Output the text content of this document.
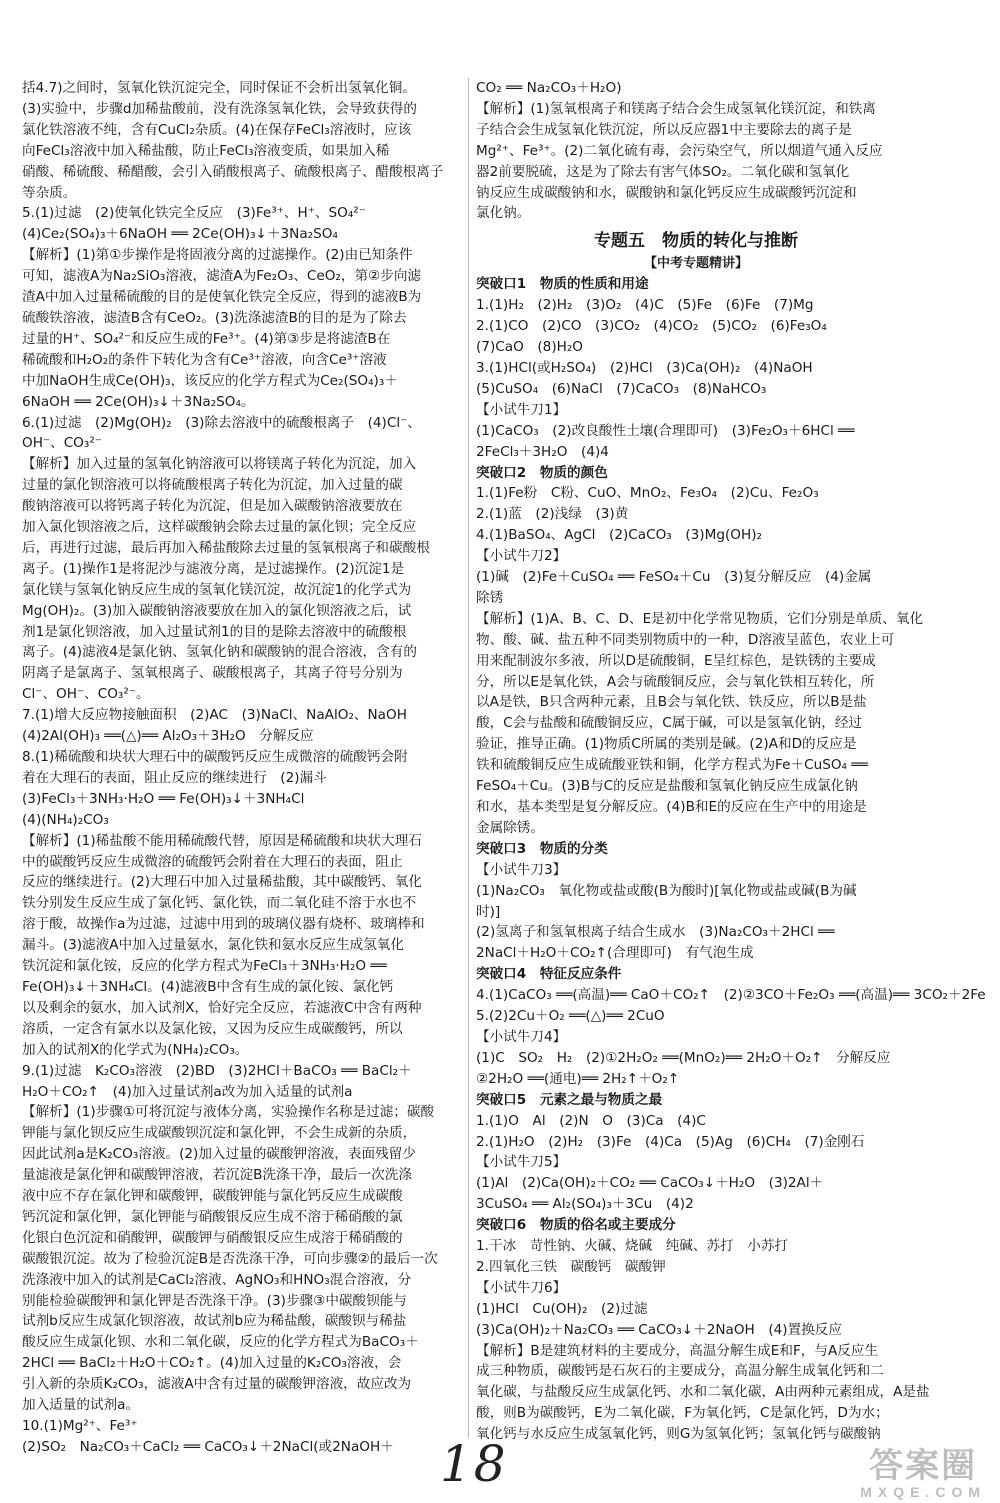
括4.7)之间时，氢氧化铁沉淀完全，同时保证不会析出氢氧化铜。
(3)实验中，步骤d加稀盐酸前，没有洗涤氢氧化铁，会导致获得的
氯化铁溶液不纯，含有CuCl₂杂质。(4)在保存FeCl₃溶液时，应该
向FeCl₃溶液中加入稀盐酸，防止FeCl₃溶液变质，如果加入稀
硝酸、稀硫酸、稀醋酸，会引入硝酸根离子、硫酸根离子、醋酸根离子
等杂质。
5.(1)过滤　(2)使氧化铁完全反应　(3)Fe³⁺、H⁺、SO₄²⁻
(4)Ce₂(SO₄)₃＋6NaOH ══ 2Ce(OH)₃↓＋3Na₂SO₄
【解析】(1)第①步操作是将固液分离的过滤操作。(2)由已知条件
可知，滤液A为Na₂SiO₃溶液，滤渣A为Fe₂O₃、CeO₂，第②步向滤
渣A中加入过量稀硫酸的目的是使氧化铁完全反应，得到的滤液B为
硫酸铁溶液，滤渣B含有CeO₂。(3)洗涤滤渣B的目的是为了除去
过量的H⁺、SO₄²⁻和反应生成的Fe³⁺。(4)第③步是将滤渣B在
稀硫酸和H₂O₂的条件下转化为含有Ce³⁺溶液，向含Ce³⁺溶液
中加NaOH生成Ce(OH)₃，该反应的化学方程式为Ce₂(SO₄)₃＋
6NaOH ══ 2Ce(OH)₃↓＋3Na₂SO₄。
6.(1)过滤　(2)Mg(OH)₂　(3)除去溶液中的硫酸根离子　(4)Cl⁻、
OH⁻、CO₃²⁻
【解析】加入过量的氢氧化钠溶液可以将镁离子转化为沉淀，加入
过量的氯化钡溶液可以将硫酸根离子转化为沉淀，加入过量的碳
酸钠溶液可以将钙离子转化为沉淀，但是加入碳酸钠溶液要放在
加入氯化钡溶液之后，这样碳酸钠会除去过量的氯化钡；完全反应
后，再进行过滤，最后再加入稀盐酸除去过量的氢氧根离子和碳酸根
离子。(1)操作1是将泥沙与滤液分离，是过滤操作。(2)沉淀1是
氯化镁与氢氧化钠反应生成的氢氧化镁沉淀，故沉淀1的化学式为
Mg(OH)₂。(3)加入碳酸钠溶液要放在加入的氯化钡溶液之后，试
剂1是氯化钡溶液，加入过量试剂1的目的是除去溶液中的硫酸根
离子。(4)滤液4是氯化钠、氢氧化钠和碳酸钠的混合溶液，含有的
阴离子是氯离子、氢氧根离子、碳酸根离子，其离子符号分别为
Cl⁻、OH⁻、CO₃²⁻。
7.(1)增大反应物接触面积　(2)AC　(3)NaCl、NaAlO₂、NaOH
(4)2Al(OH)₃ ══(△)══ Al₂O₃＋3H₂O　分解反应
8.(1)稀硫酸和块状大理石中的碳酸钙反应生成微溶的硫酸钙会附
着在大理石的表面，阻止反应的继续进行　(2)漏斗
(3)FeCl₃＋3NH₃·H₂O ══ Fe(OH)₃↓＋3NH₄Cl
(4)(NH₄)₂CO₃
【解析】(1)稀盐酸不能用稀硫酸代替，原因是稀硫酸和块状大理石
中的碳酸钙反应生成微溶的硫酸钙会附着在大理石的表面，阻止
反应的继续进行。(2)大理石中加入过量稀盐酸，其中碳酸钙、氧化
铁分别发生反应生成了氯化钙、氯化铁，而二氧化硅不溶于水也不
溶于酸，故操作a为过滤，过滤中用到的玻璃仪器有烧杯、玻璃棒和
漏斗。(3)滤液A中加入过量氨水，氯化铁和氨水反应生成氢氧化
铁沉淀和氯化铵，反应的化学方程式为FeCl₃＋3NH₃·H₂O ══
Fe(OH)₃↓＋3NH₄Cl。(4)滤液B中含有生成的氯化铵、氯化钙
以及剩余的氨水，加入试剂X，恰好完全反应，若滤液C中含有两种
溶质，一定含有氯水以及氯化铵，又因为反应生成碳酸钙，所以
加入的试剂X的化学式为(NH₄)₂CO₃。
9.(1)过滤　K₂CO₃溶液　(2)BD　(3)2HCl＋BaCO₃ ══ BaCl₂＋
H₂O＋CO₂↑　(4)加入过量试剂a改为加入适量的试剂a
【解析】(1)步骤①可将沉淀与液体分离，实验操作名称是过滤；碳酸
钾能与氯化钡反应生成碳酸钡沉淀和氯化钾，不会生成新的杂质，
因此试剂a是K₂CO₃溶液。(2)加入过量的碳酸钾溶液，表面残留少
量滤液是氯化钾和碳酸钾溶液，若沉淀B洗涤干净，最后一次洗涤
液中应不存在氯化钾和碳酸钾，碳酸钾能与氯化钙反应生成碳酸
钙沉淀和氯化钾，氯化钾能与硝酸银反应生成不溶于稀硝酸的氯
化银白色沉淀和硝酸钾，碳酸钾与硝酸银反应生成溶于稀硝酸的
碳酸银沉淀。故为了检验沉淀B是否洗涤干净，可向步骤②的最后一次
洗涤液中加入的试剂是CaCl₂溶液、AgNO₃和HNO₃混合溶液，分
别能检验碳酸钾和氯化钾是否洗涤干净。(3)步骤③中碳酸钡能与
试剂b反应生成氯化钡溶液，故试剂b应为稀盐酸，碳酸钡与稀盐
酸反应生成氯化钡、水和二氧化碳，反应的化学方程式为BaCO₃＋
2HCl ══ BaCl₂＋H₂O＋CO₂↑。(4)加入过量的K₂CO₃溶液，会
引入新的杂质K₂CO₃，滤液A中含有过量的碳酸钾溶液，故应改为
加入适量的试剂a。
10.(1)Mg²⁺、Fe³⁺
(2)SO₂　Na₂CO₃＋CaCl₂ ══ CaCO₃↓＋2NaCl(或2NaOH＋
CO₂ ══ Na₂CO₃＋H₂O)
【解析】(1)氢氧根离子和镁离子结合会生成氢氧化镁沉淀，和铁离
子结合会生成氢氧化铁沉淀，所以反应器1中主要除去的离子是
Mg²⁺、Fe³⁺。(2)二氧化硫有毒，会污染空气，所以烟道气通入反应
器2前要脱硫，这是为了除去有害气体SO₂。二氧化碳和氢氧化
钠反应生成碳酸钠和水，碳酸钠和氯化钙反应生成碳酸钙沉淀和
氯化钠。
专题五　物质的转化与推断
【中考专题精讲】
突破口1　物质的性质和用途
1.(1)H₂　(2)H₂　(3)O₂　(4)C　(5)Fe　(6)Fe　(7)Mg
2.(1)CO　(2)CO　(3)CO₂　(4)CO₂　(5)CO₂　(6)Fe₃O₄
(7)CaO　(8)H₂O
3.(1)HCl(或H₂SO₄)　(2)HCl　(3)Ca(OH)₂　(4)NaOH
(5)CuSO₄　(6)NaCl　(7)CaCO₃　(8)NaHCO₃
【小试牛刀1】
(1)CaCO₃　(2)改良酸性土壤(合理即可)　(3)Fe₂O₃＋6HCl ══
2FeCl₃＋3H₂O　(4)4
突破口2　物质的颜色
1.(1)Fe粉　C粉、CuO、MnO₂、Fe₃O₄　(2)Cu、Fe₂O₃
2.(1)蓝　(2)浅绿　(3)黄
4.(1)BaSO₄、AgCl　(2)CaCO₃　(3)Mg(OH)₂
【小试牛刀2】
(1)碱　(2)Fe＋CuSO₄ ══ FeSO₄＋Cu　(3)复分解反应　(4)金属
除锈
【解析】(1)A、B、C、D、E是初中化学常见物质，它们分别是单质、氧化
物、酸、碱、盐五种不同类别物质中的一种，D溶液呈蓝色，农业上可
用来配制波尔多液，所以D是硫酸铜，E呈红棕色，是铁锈的主要成
分，所以E是氧化铁，A会与硫酸铜反应，会与氧化铁相互转化，所
以A是铁，B只含两种元素，且B会与氧化铁、铁反应，所以B是盐
酸，C会与盐酸和硫酸铜反应，C属于碱，可以是氢氧化钠，经过
验证，推导正确。(1)物质C所属的类别是碱。(2)A和D的反应是
铁和硫酸铜反应生成硫酸亚铁和铜，化学方程式为Fe＋CuSO₄ ══
FeSO₄＋Cu。(3)B与C的反应是盐酸和氢氧化钠反应生成氯化钠
和水，基本类型是复分解反应。(4)B和E的反应在生产中的用途是
金属除锈。
突破口3　物质的分类
【小试牛刀3】
(1)Na₂CO₃　氧化物或盐或酸(B为酸时)[氧化物或盐或碱(B为碱
时)]
(2)氢离子和氢氧根离子结合生成水　(3)Na₂CO₃＋2HCl ══
2NaCl＋H₂O＋CO₂↑(合理即可)　有气泡生成
突破口4　特征反应条件
4.(1)CaCO₃ ══(高温)══ CaO＋CO₂↑　(2)②3CO＋Fe₂O₃ ══(高温)══ 3CO₂＋2Fe
5.(2)2Cu＋O₂ ══(△)══ 2CuO
【小试牛刀4】
(1)C　SO₂　H₂　(2)①2H₂O₂ ══(MnO₂)══ 2H₂O＋O₂↑　分解反应
②2H₂O ══(通电)══ 2H₂↑＋O₂↑
突破口5　元素之最与物质之最
1.(1)O　Al　(2)N　O　(3)Ca　(4)C
2.(1)H₂O　(2)H₂　(3)Fe　(4)Ca　(5)Ag　(6)CH₄　(7)金刚石
【小试牛刀5】
(1)Al　(2)Ca(OH)₂＋CO₂ ══ CaCO₃↓＋H₂O　(3)2Al＋
3CuSO₄ ══ Al₂(SO₄)₃＋3Cu　(4)2
突破口6　物质的俗名或主要成分
1.干冰　苛性钠、火碱、烧碱　纯碱、苏打　小苏打
2.四氧化三铁　碳酸钙　碳酸钾
【小试牛刀6】
(1)HCl　Cu(OH)₂　(2)过滤
(3)Ca(OH)₂＋Na₂CO₃ ══ CaCO₃↓＋2NaOH　(4)置换反应
【解析】B是建筑材料的主要成分，高温分解生成E和F，与A反应生
成三种物质，碳酸钙是石灰石的主要成分，高温分解生成氧化钙和二
氧化碳，与盐酸反应生成氯化钙、水和二氧化碳，A由两种元素组成，A是盐
酸，则B为碳酸钙，E为二氧化碳，F为氧化钙，C是氯化钙，D为水；
氧化钙与水反应生成氢氧化钙，则G为氢氧化钙；氢氧化钙与碳酸钠
18	答案圈
MXQE.COM
